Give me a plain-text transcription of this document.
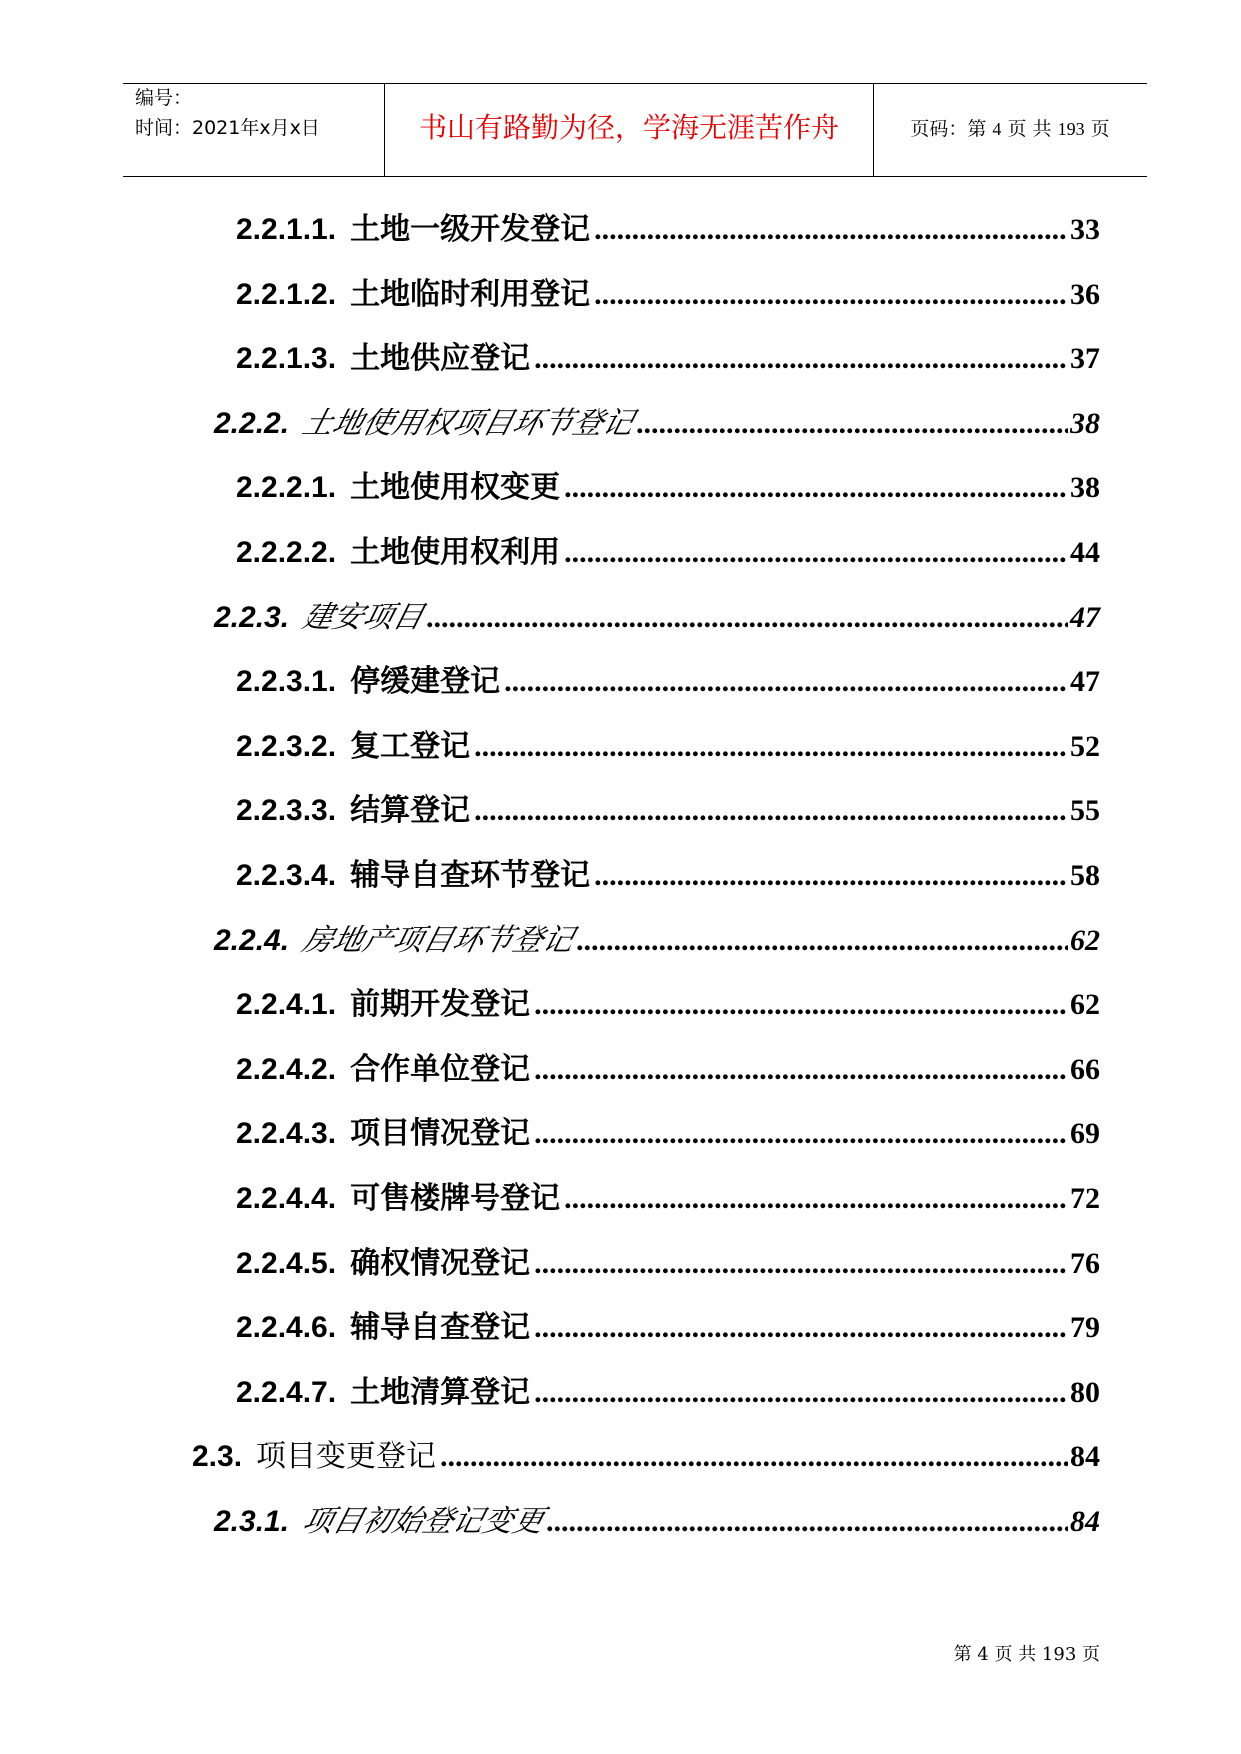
编号：
时间：2021年x月x日	书山有路勤为径，学海无涯苦作舟	页码：第 4 页 共 193 页
2.2.1.1. 土地一级开发登记 .....	33
2.2.1.2. 土地临时利用登记 .....	36
2.2.1.3. 土地供应登记 .....	37
2.2.2. 土地使用权项目环节登记 .....	38
2.2.2.1. 土地使用权变更 .....	38
2.2.2.2. 土地使用权利用 .....	44
2.2.3. 建安项目 .....	47
2.2.3.1. 停缓建登记 .....	47
2.2.3.2. 复工登记 .....	52
2.2.3.3. 结算登记 .....	55
2.2.3.4. 辅导自查环节登记 .....	58
2.2.4. 房地产项目环节登记 .....	62
2.2.4.1. 前期开发登记 .....	62
2.2.4.2. 合作单位登记 .....	66
2.2.4.3. 项目情况登记 .....	69
2.2.4.4. 可售楼牌号登记 .....	72
2.2.4.5. 确权情况登记 .....	76
2.2.4.6. 辅导自查登记 .....	79
2.2.4.7. 土地清算登记 .....	80
2.3. 项目变更登记 .....	84
2.3.1. 项目初始登记变更 .....	84
第 4 页 共 193 页
